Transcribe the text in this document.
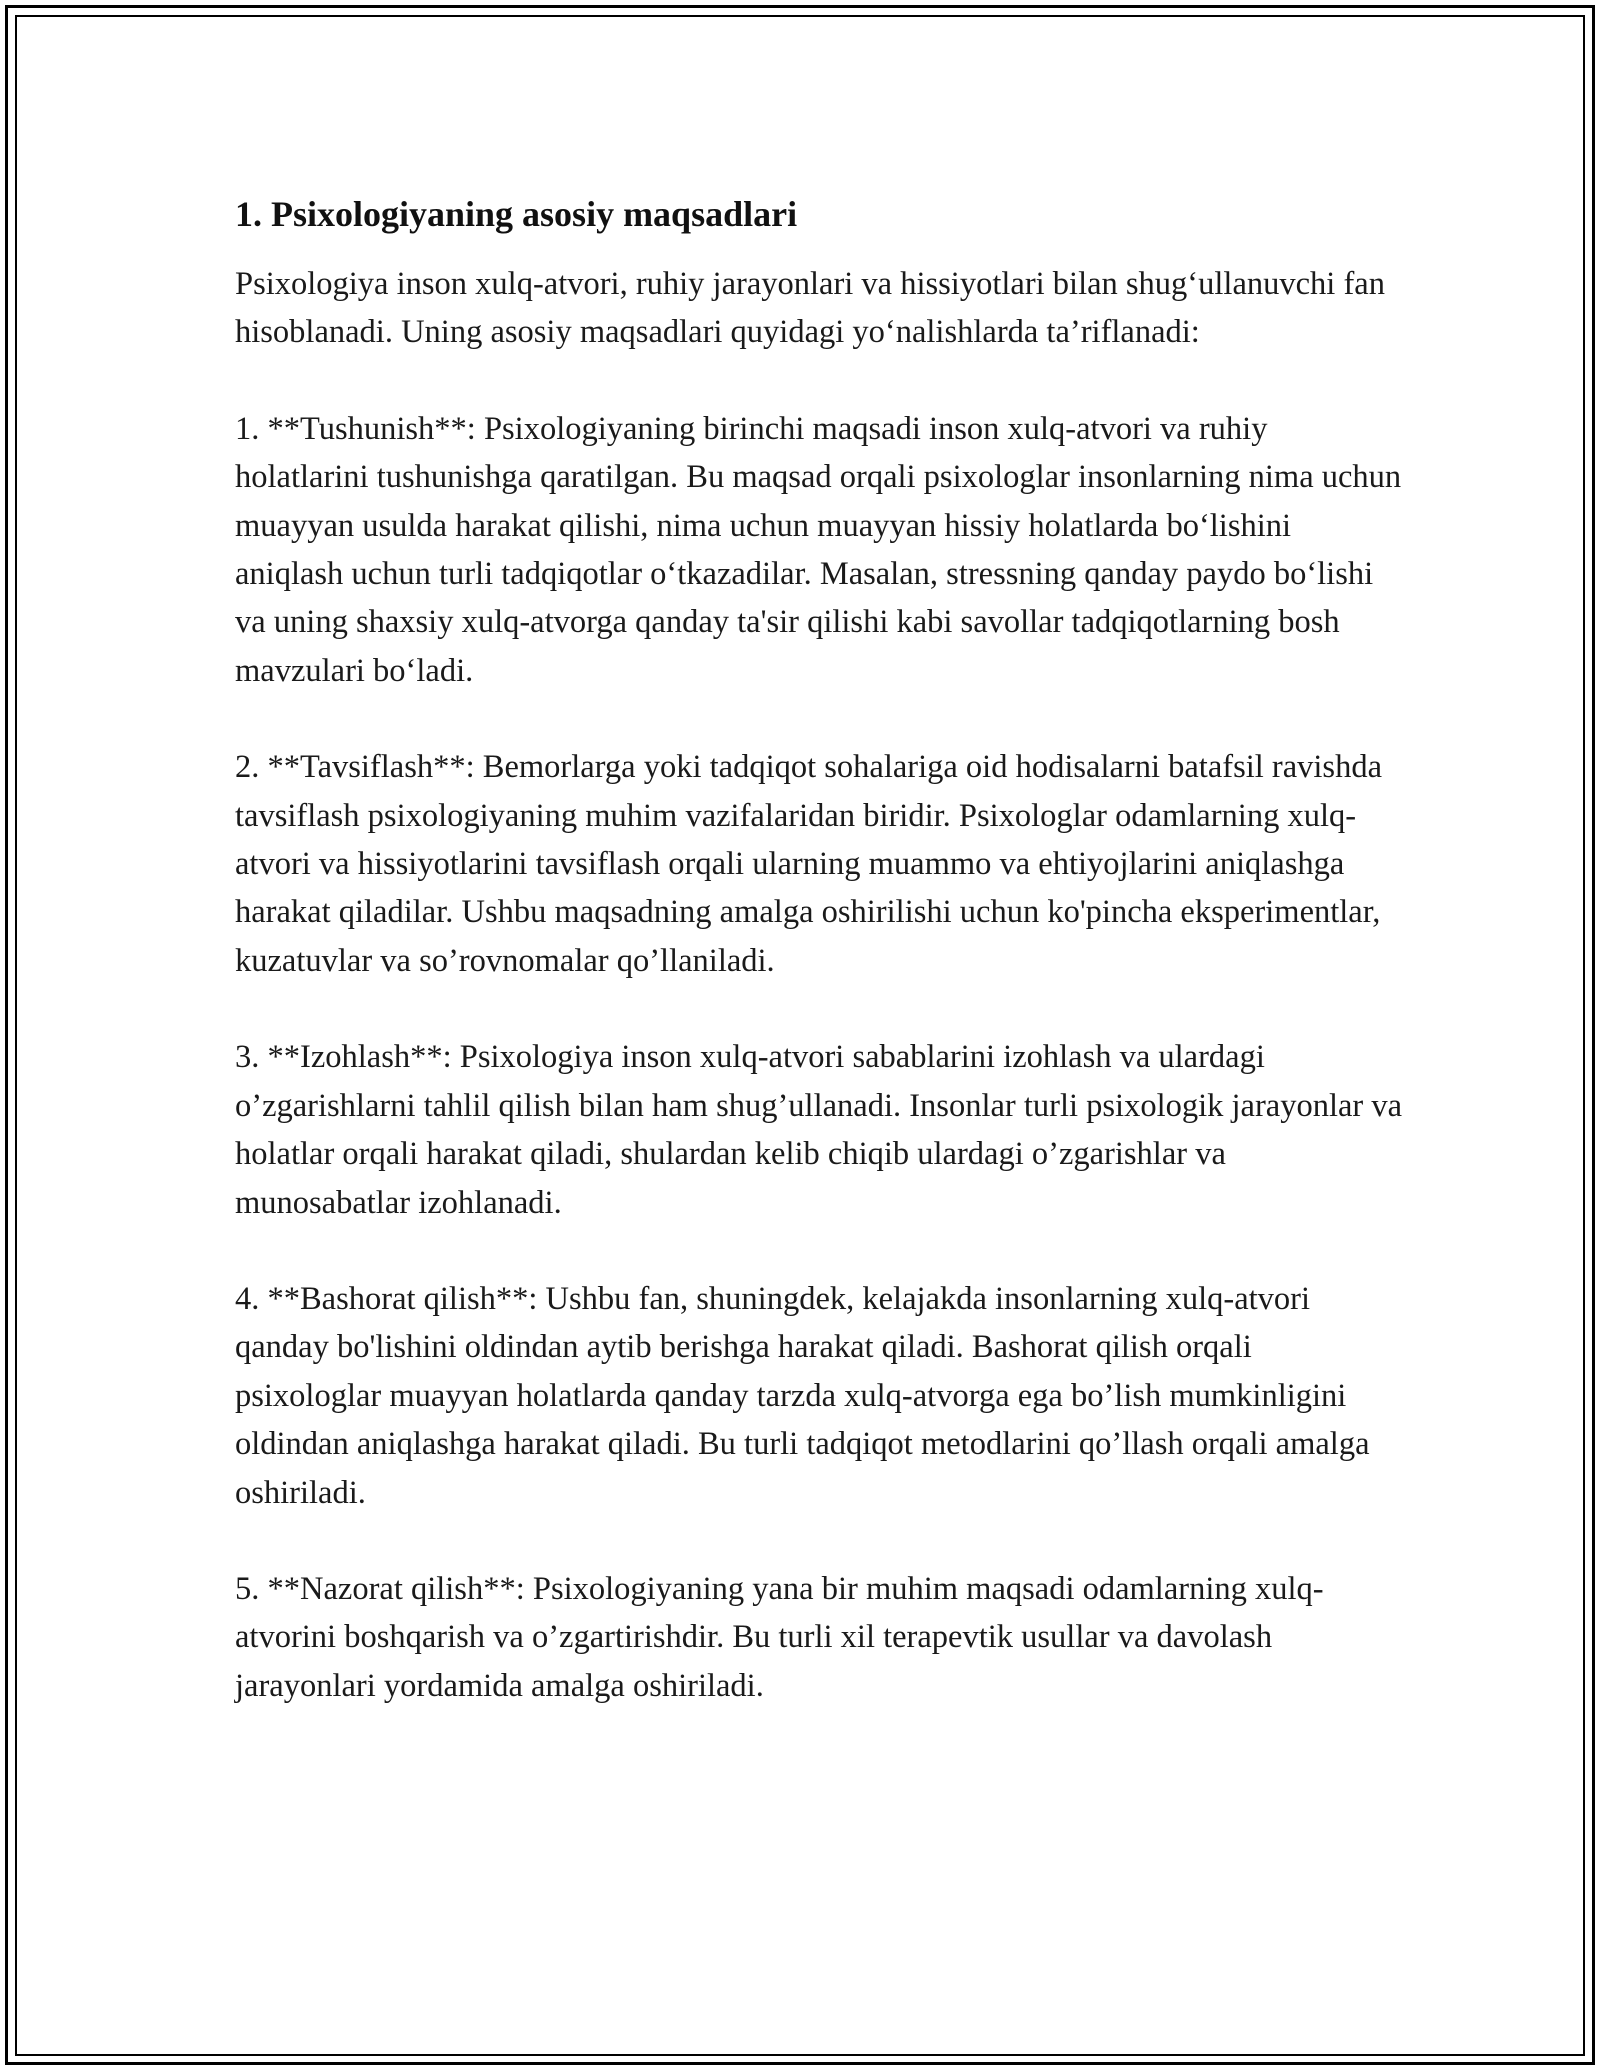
1. Psixologiyaning asosiy maqsadlari

Psixologiya inson xulq-atvori, ruhiy jarayonlari va hissiyotlari bilan shug‘ullanuvchi fan hisoblanadi. Uning asosiy maqsadlari quyidagi yo‘nalishlarda ta’riflanadi:

1. **Tushunish**: Psixologiyaning birinchi maqsadi inson xulq-atvori va ruhiy holatlarini tushunishga qaratilgan. Bu maqsad orqali psixologlar insonlarning nima uchun muayyan usulda harakat qilishi, nima uchun muayyan hissiy holatlarda bo‘lishini aniqlash uchun turli tadqiqotlar o‘tkazadilar. Masalan, stressning qanday paydo bo‘lishi va uning shaxsiy xulq-atvorga qanday ta'sir qilishi kabi savollar tadqiqotlarning bosh mavzulari bo‘ladi.

2. **Tavsiflash**: Bemorlarga yoki tadqiqot sohalariga oid hodisalarni batafsil ravishda tavsiflash psixologiyaning muhim vazifalaridan biridir. Psixologlar odamlarning xulq-atvori va hissiyotlarini tavsiflash orqali ularning muammo va ehtiyojlarini aniqlashga harakat qiladilar. Ushbu maqsadning amalga oshirilishi uchun ko'pincha eksperimentlar, kuzatuvlar va so’rovnomalar qo’llaniladi.

3. **Izohlash**: Psixologiya inson xulq-atvori sabablarini izohlash va ulardagi o’zgarishlarni tahlil qilish bilan ham shug’ullanadi. Insonlar turli psixologik jarayonlar va holatlar orqali harakat qiladi, shulardan kelib chiqib ulardagi o’zgarishlar va munosabatlar izohlanadi.

4. **Bashorat qilish**: Ushbu fan, shuningdek, kelajakda insonlarning xulq-atvori qanday bo'lishini oldindan aytib berishga harakat qiladi. Bashorat qilish orqali psixologlar muayyan holatlarda qanday tarzda xulq-atvorga ega bo’lish mumkinligini oldindan aniqlashga harakat qiladi. Bu turli tadqiqot metodlarini qo’llash orqali amalga oshiriladi.

5. **Nazorat qilish**: Psixologiyaning yana bir muhim maqsadi odamlarning xulq-atvorini boshqarish va o’zgartirishdir. Bu turli xil terapevtik usullar va davolash jarayonlari yordamida amalga oshiriladi.
